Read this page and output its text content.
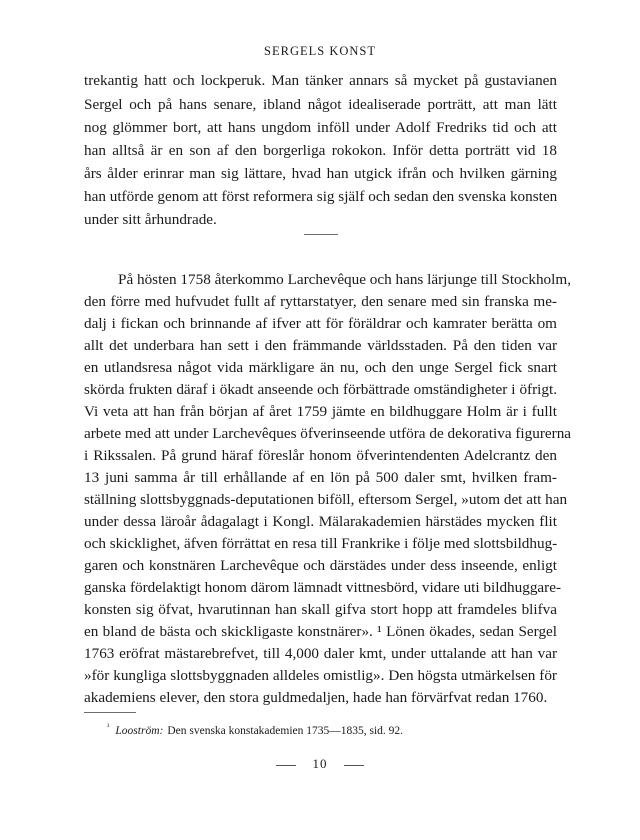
SERGELS KONST
trekantig hatt och lockperuk. Man tänker annars så mycket på gustavianen
Sergel och på hans senare, ibland något idealiserade porträtt, att man lätt
nog glömmer bort, att hans ungdom inföll under Adolf Fredriks tid och att
han alltså är en son af den borgerliga rokokon. Inför detta porträtt vid 18
års ålder erinrar man sig lättare, hvad han utgick ifrån och hvilken gärning
han utförde genom att först reformera sig själf och sedan den svenska konsten
under sitt århundrade.
På hösten 1758 återkommo Larchevêque och hans lärjunge till Stockholm,
den förre med hufvudet fullt af ryttarstatyer, den senare med sin franska me-
dalj i fickan och brinnande af ifver att för föräldrar och kamrater berätta om
allt det underbara han sett i den främmande världsstaden. På den tiden var
en utlandsresa något vida märkligare än nu, och den unge Sergel fick snart
skörda frukten däraf i ökadt anseende och förbättrade omständigheter i öfrigt.
Vi veta att han från början af året 1759 jämte en bildhuggare Holm är i fullt
arbete med att under Larchevêques öfverinseende utföra de dekorativa figurerna
i Rikssalen. På grund häraf föreslår honom öfverintendenten Adelcrantz den
13 juni samma år till erhållande af en lön på 500 daler smt, hvilken fram-
ställning slottsbyggnads-deputationen biföll, eftersom Sergel, »utom det att han
under dessa läroår ådagalagt i Kongl. Mälarakademien härstädes mycken flit
och skicklighet, äfven förrättat en resa till Frankrike i följe med slottsbildhug-
garen och konstnären Larchevêque och därstädes under dess inseende, enligt
ganska fördelaktigt honom därom lämnadt vittnesbörd, vidare uti bildhuggare-
konsten sig öfvat, hvarutinnan han skall gifva stort hopp att framdeles blifva
en bland de bästa och skickligaste konstnärer». ¹ Lönen ökades, sedan Sergel
1763 eröfrat mästarebrefvet, till 4,000 daler kmt, under uttalande att han var
»för kungliga slottsbyggnaden alldeles omistlig». Den högsta utmärkelsen för
akademiens elever, den stora guldmedaljen, hade han förvärfvat redan 1760.
$^{^1}$ Looström: Den svenska konstakademien 1735—1835, sid. 92.
10
